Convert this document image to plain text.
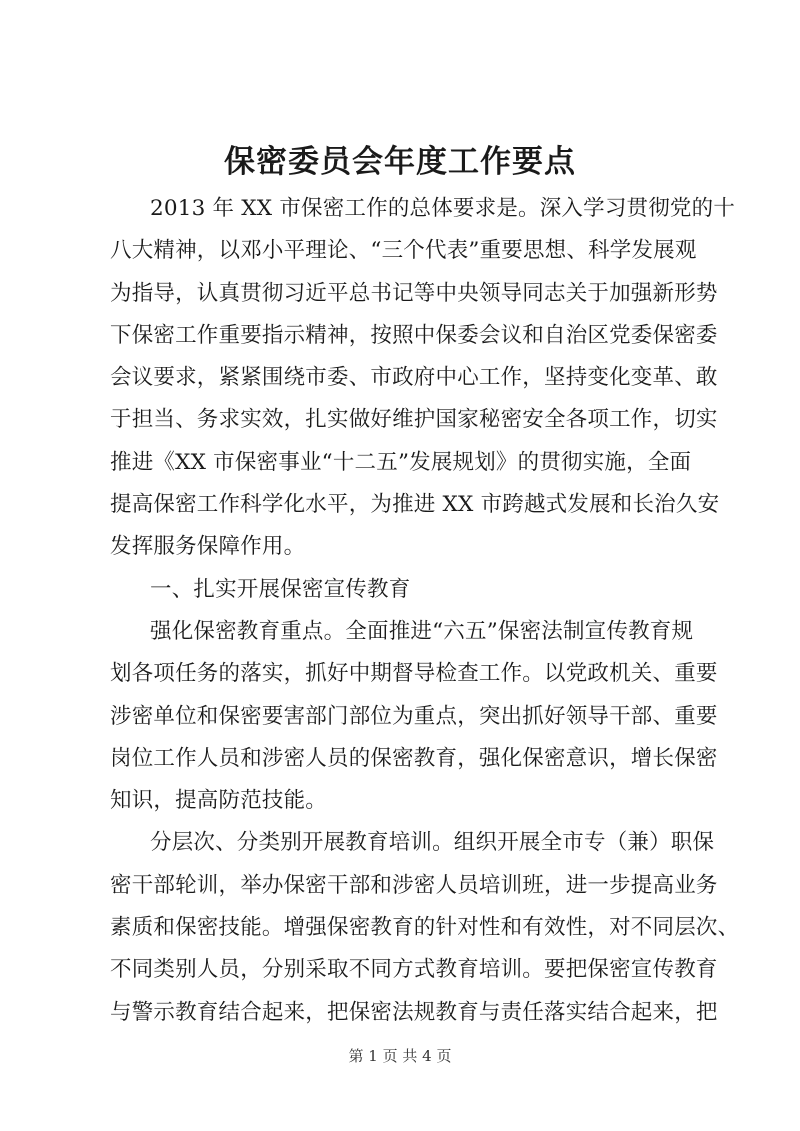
保密委员会年度工作要点
2013 年 XX 市保密工作的总体要求是。深入学习贯彻党的十
八大精神，以邓小平理论、“三个代表”重要思想、科学发展观
为指导，认真贯彻习近平总书记等中央领导同志关于加强新形势
下保密工作重要指示精神，按照中保委会议和自治区党委保密委
会议要求，紧紧围绕市委、市政府中心工作，坚持变化变革、敢
于担当、务求实效，扎实做好维护国家秘密安全各项工作，切实
推进《XX 市保密事业“十二五”发展规划》的贯彻实施，全面
提高保密工作科学化水平，为推进 XX 市跨越式发展和长治久安
发挥服务保障作用。
一、扎实开展保密宣传教育
强化保密教育重点。全面推进“六五”保密法制宣传教育规
划各项任务的落实，抓好中期督导检查工作。以党政机关、重要
涉密单位和保密要害部门部位为重点，突出抓好领导干部、重要
岗位工作人员和涉密人员的保密教育，强化保密意识，增长保密
知识，提高防范技能。
分层次、分类别开展教育培训。组织开展全市专（兼）职保
密干部轮训，举办保密干部和涉密人员培训班，进一步提高业务
素质和保密技能。增强保密教育的针对性和有效性，对不同层次、
不同类别人员，分别采取不同方式教育培训。要把保密宣传教育
与警示教育结合起来，把保密法规教育与责任落实结合起来，把
第 1 页 共 4 页
